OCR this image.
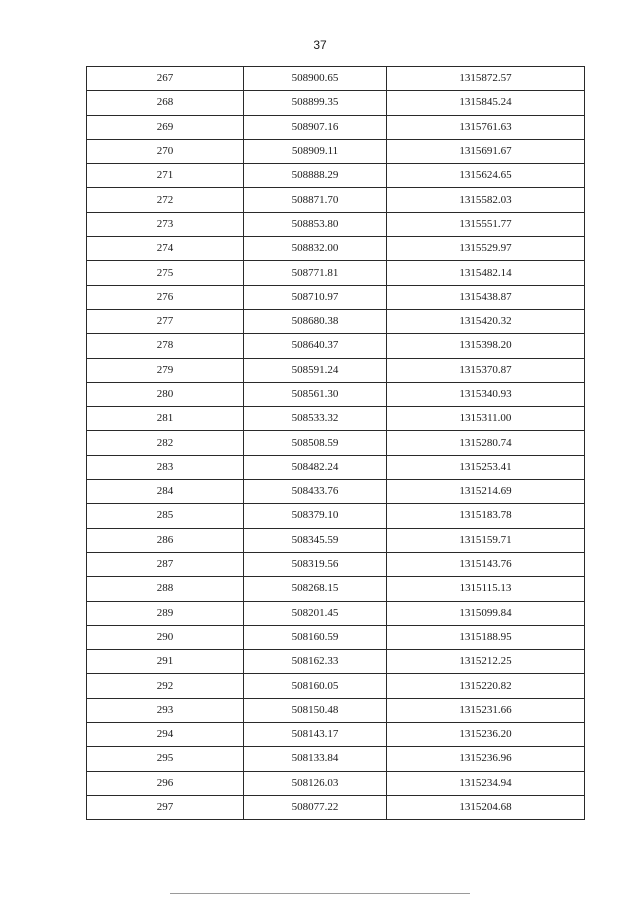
37
267	508900.65	1315872.57
268	508899.35	1315845.24
269	508907.16	1315761.63
270	508909.11	1315691.67
271	508888.29	1315624.65
272	508871.70	1315582.03
273	508853.80	1315551.77
274	508832.00	1315529.97
275	508771.81	1315482.14
276	508710.97	1315438.87
277	508680.38	1315420.32
278	508640.37	1315398.20
279	508591.24	1315370.87
280	508561.30	1315340.93
281	508533.32	1315311.00
282	508508.59	1315280.74
283	508482.24	1315253.41
284	508433.76	1315214.69
285	508379.10	1315183.78
286	508345.59	1315159.71
287	508319.56	1315143.76
288	508268.15	1315115.13
289	508201.45	1315099.84
290	508160.59	1315188.95
291	508162.33	1315212.25
292	508160.05	1315220.82
293	508150.48	1315231.66
294	508143.17	1315236.20
295	508133.84	1315236.96
296	508126.03	1315234.94
297	508077.22	1315204.68
